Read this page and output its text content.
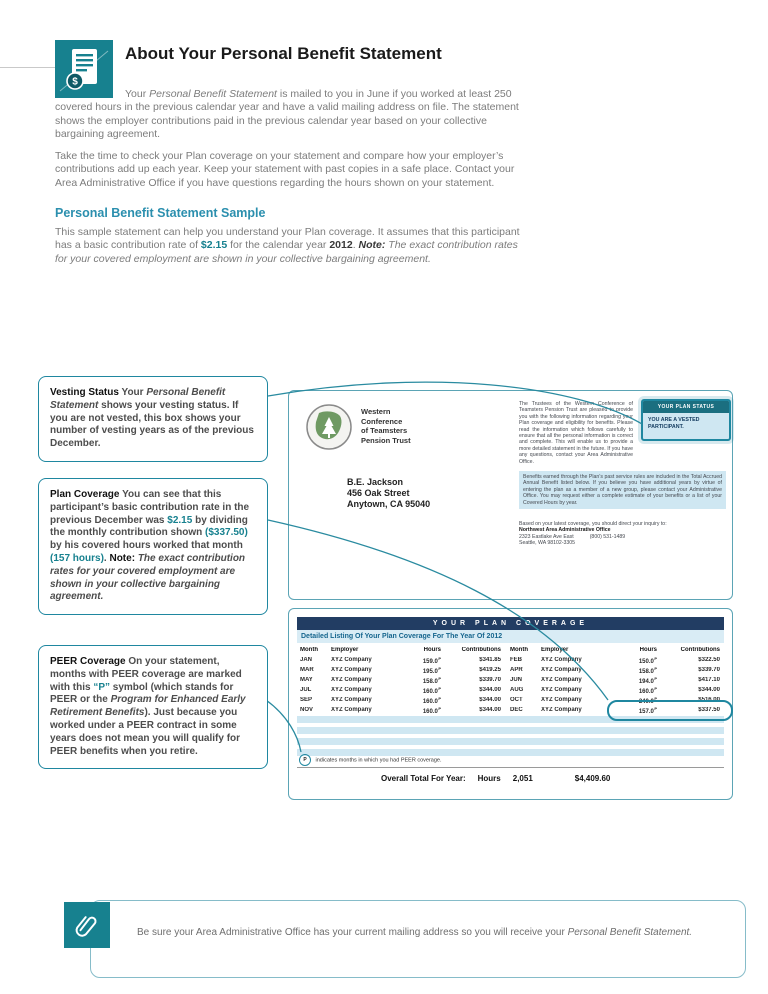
$
About Your Personal Benefit Statement

Your Personal Benefit Statement is mailed to you in June if you worked at least 250 covered hours in the previous calendar year and have a valid mailing address on file. The statement shows the employer contributions paid in the previous calendar year based on your collective bargaining agreement.

Take the time to check your Plan coverage on your statement and compare how your employer’s contributions add up each year. Keep your statement with past copies in a safe place. Contact your Area Administrative Office if you have questions regarding the hours shown on your statement.

Personal Benefit Statement Sample

This sample statement can help you understand your Plan coverage. It assumes that this participant has a basic contribution rate of $2.15 for the calendar year 2012. Note: The exact contribution rates for your covered employment are shown in your collective bargaining agreement.

Vesting Status Your Personal Benefit Statement shows your vesting status. If you are not vested, this box shows your number of vesting years as of the previous December.

Plan Coverage You can see that this participant’s basic contribution rate in the previous December was $2.15 by dividing the monthly contribution shown ($337.50) by his covered hours worked that month (157 hours). Note: The exact contribution rates for your covered employment are shown in your collective bargaining agreement.

PEER Coverage On your statement, months with PEER coverage are marked with this “P” symbol (which stands for PEER or the Program for Enhanced Early Retirement Benefits). Just because you worked under a PEER contract in some years does not mean you will qualify for PEER benefits when you retire.

Western
Conference
of Teamsters
Pension Trust
B.E. Jackson
456 Oak Street
Anytown, CA 95040

The Trustees of the Western Conference of Teamsters Pension Trust are pleased to provide you with the following information regarding your Plan coverage and eligibility for benefits. Please read the information which follows carefully to ensure that all the personal information is correct and complete. This will enable us to provide a more detailed statement in the future. If you have any questions, contact your Area Administrative Office.

YOUR PLAN STATUS
YOU ARE A VESTED PARTICIPANT.

Benefits earned through the Plan’s past service rules are included in the Total Accrued Annual Benefit listed below. If you believe you have additional years by virtue of entering the plan as a member of a new group, please contact your Administrative Office. You may request either a complete estimate of your benefits or a list of your Covered Hours by year.

Based on your latest coverage, you should direct your inquiry to:
Northwest Area Administrative Office
2323 Eastlake Ave East	(800) 531-1489
Seattle, WA 98102-3305
YOUR PLAN COVERAGE
Detailed Listing Of Your Plan Coverage For The Year Of 2012
Month	Employer	Hours	Contributions	Month	Employer	Hours	Contributions
JAN	XYZ Company	$159.0^P$	$341.85	FEB	XYZ Company	$150.0^P$	$322.50
MAR	XYZ Company	$195.0^P$	$419.25	APR	XYZ Company	$158.0^P$	$339.70
MAY	XYZ Company	$158.0^P$	$339.70	JUN	XYZ Company	$194.0^P$	$417.10
JUL	XYZ Company	$160.0^P$	$344.00	AUG	XYZ Company	$160.0^P$	$344.00
SEP	XYZ Company	$160.0^P$	$344.00	OCT	XYZ Company	$240.0^P$	$516.00
NOV	XYZ Company	$160.0^P$	$344.00	DEC	XYZ Company	$157.0^P$	$337.50
P indicates months in which you had PEER coverage.
Overall Total For Year: Hours 2,051	$4,409.60

Be sure your Area Administrative Office has your current mailing address so you will receive your Personal Benefit Statement.
